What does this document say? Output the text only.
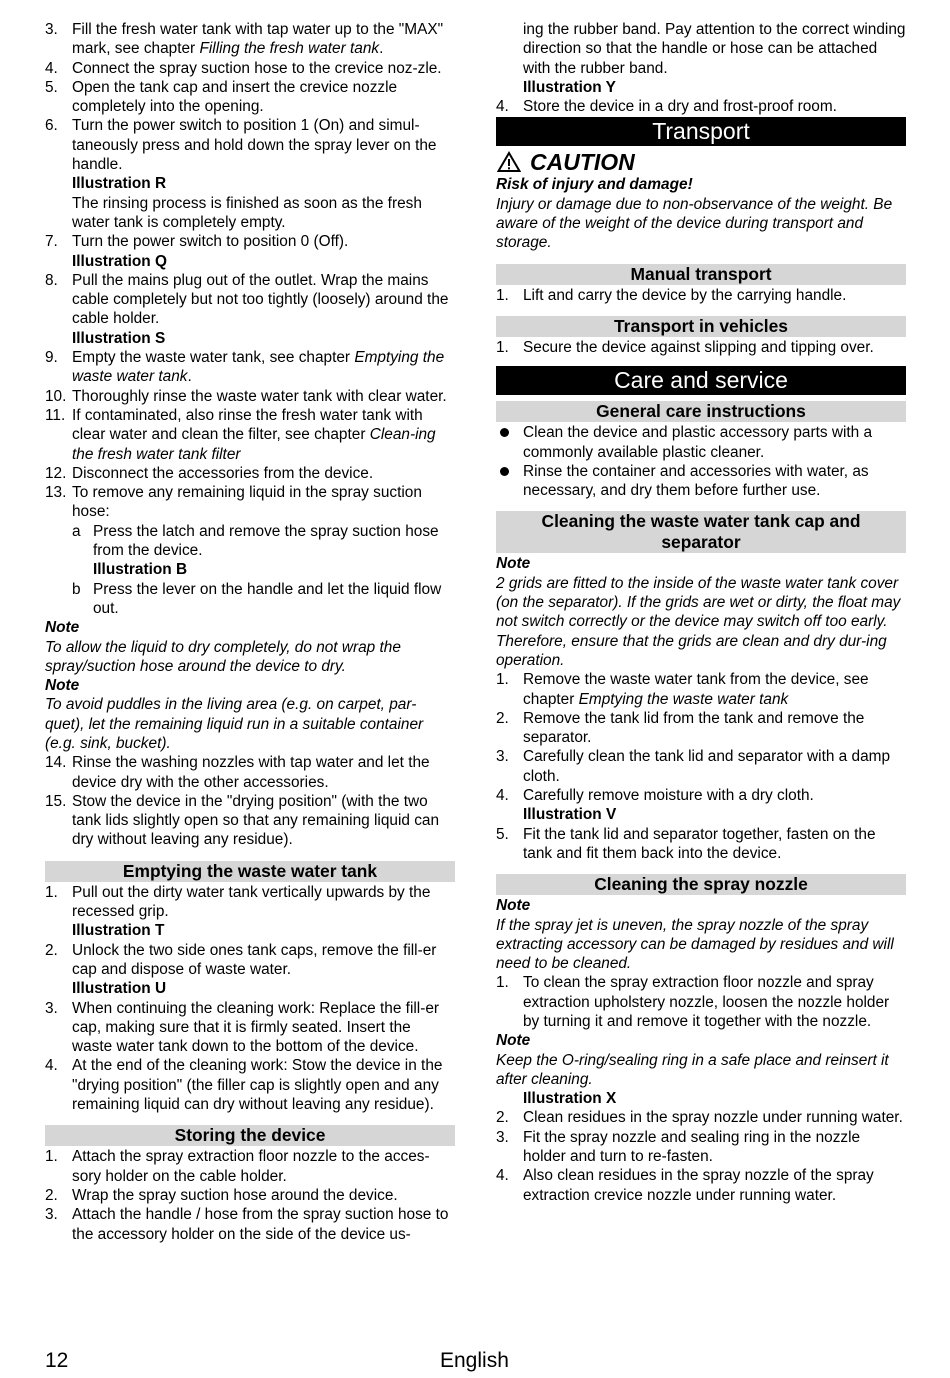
3. Fill the fresh water tank with tap water up to the "MAX" mark, see chapter Filling the fresh water tank.
4. Connect the spray suction hose to the crevice noz-zle.
5. Open the tank cap and insert the crevice nozzle completely into the opening.
6. Turn the power switch to position 1 (On) and simul-taneously press and hold down the spray lever on the handle.
Illustration R
The rinsing process is finished as soon as the fresh water tank is completely empty.
7. Turn the power switch to position 0 (Off).
Illustration Q
8. Pull the mains plug out of the outlet. Wrap the mains cable completely but not too tightly (loosely) around the cable holder.
Illustration S
9. Empty the waste water tank, see chapter Emptying the waste water tank.
10. Thoroughly rinse the waste water tank with clear water.
11. If contaminated, also rinse the fresh water tank with clear water and clean the filter, see chapter Clean-ing the fresh water tank filter
12. Disconnect the accessories from the device.
13. To remove any remaining liquid in the spray suction hose:
a Press the latch and remove the spray suction hose from the device.
Illustration B
b Press the lever on the handle and let the liquid flow out.
Note
To allow the liquid to dry completely, do not wrap the spray/suction hose around the device to dry.
Note
To avoid puddles in the living area (e.g. on carpet, par-quet), let the remaining liquid run in a suitable container (e.g. sink, bucket).
14. Rinse the washing nozzles with tap water and let the device dry with the other accessories.
15. Stow the device in the "drying position" (with the two tank lids slightly open so that any remaining liquid can dry without leaving any residue).
Emptying the waste water tank
1. Pull out the dirty water tank vertically upwards by the recessed grip.
Illustration T
2. Unlock the two side ones tank caps, remove the fill-er cap and dispose of waste water.
Illustration U
3. When continuing the cleaning work: Replace the fill-er cap, making sure that it is firmly seated. Insert the waste water tank down to the bottom of the device.
4. At the end of the cleaning work: Stow the device in the "drying position" (the filler cap is slightly open and any remaining liquid can dry without leaving any residue).
Storing the device
1. Attach the spray extraction floor nozzle to the acces-sory holder on the cable holder.
2. Wrap the spray suction hose around the device.
3. Attach the handle / hose from the spray suction hose to the accessory holder on the side of the device us-
ing the rubber band. Pay attention to the correct winding direction so that the handle or hose can be attached with the rubber band.
Illustration Y
4. Store the device in a dry and frost-proof room.
Transport
CAUTION
Risk of injury and damage!
Injury or damage due to non-observance of the weight. Be aware of the weight of the device during transport and storage.
Manual transport
1. Lift and carry the device by the carrying handle.
Transport in vehicles
1. Secure the device against slipping and tipping over.
Care and service
General care instructions
Clean the device and plastic accessory parts with a commonly available plastic cleaner.
Rinse the container and accessories with water, as necessary, and dry them before further use.
Cleaning the waste water tank cap and separator
Note
2 grids are fitted to the inside of the waste water tank cover (on the separator). If the grids are wet or dirty, the float may not switch correctly or the device may switch off too early.
Therefore, ensure that the grids are clean and dry dur-ing operation.
1. Remove the waste water tank from the device, see chapter Emptying the waste water tank
2. Remove the tank lid from the tank and remove the separator.
3. Carefully clean the tank lid and separator with a damp cloth.
4. Carefully remove moisture with a dry cloth.
Illustration V
5. Fit the tank lid and separator together, fasten on the tank and fit them back into the device.
Cleaning the spray nozzle
Note
If the spray jet is uneven, the spray nozzle of the spray extracting accessory can be damaged by residues and will need to be cleaned.
1. To clean the spray extraction floor nozzle and spray extraction upholstery nozzle, loosen the nozzle holder by turning it and remove it together with the nozzle.
Note
Keep the O-ring/sealing ring in a safe place and reinsert it after cleaning.
Illustration X
2. Clean residues in the spray nozzle under running water.
3. Fit the spray nozzle and sealing ring in the nozzle holder and turn to re-fasten.
4. Also clean residues in the spray nozzle of the spray extraction crevice nozzle under running water.
12	English
